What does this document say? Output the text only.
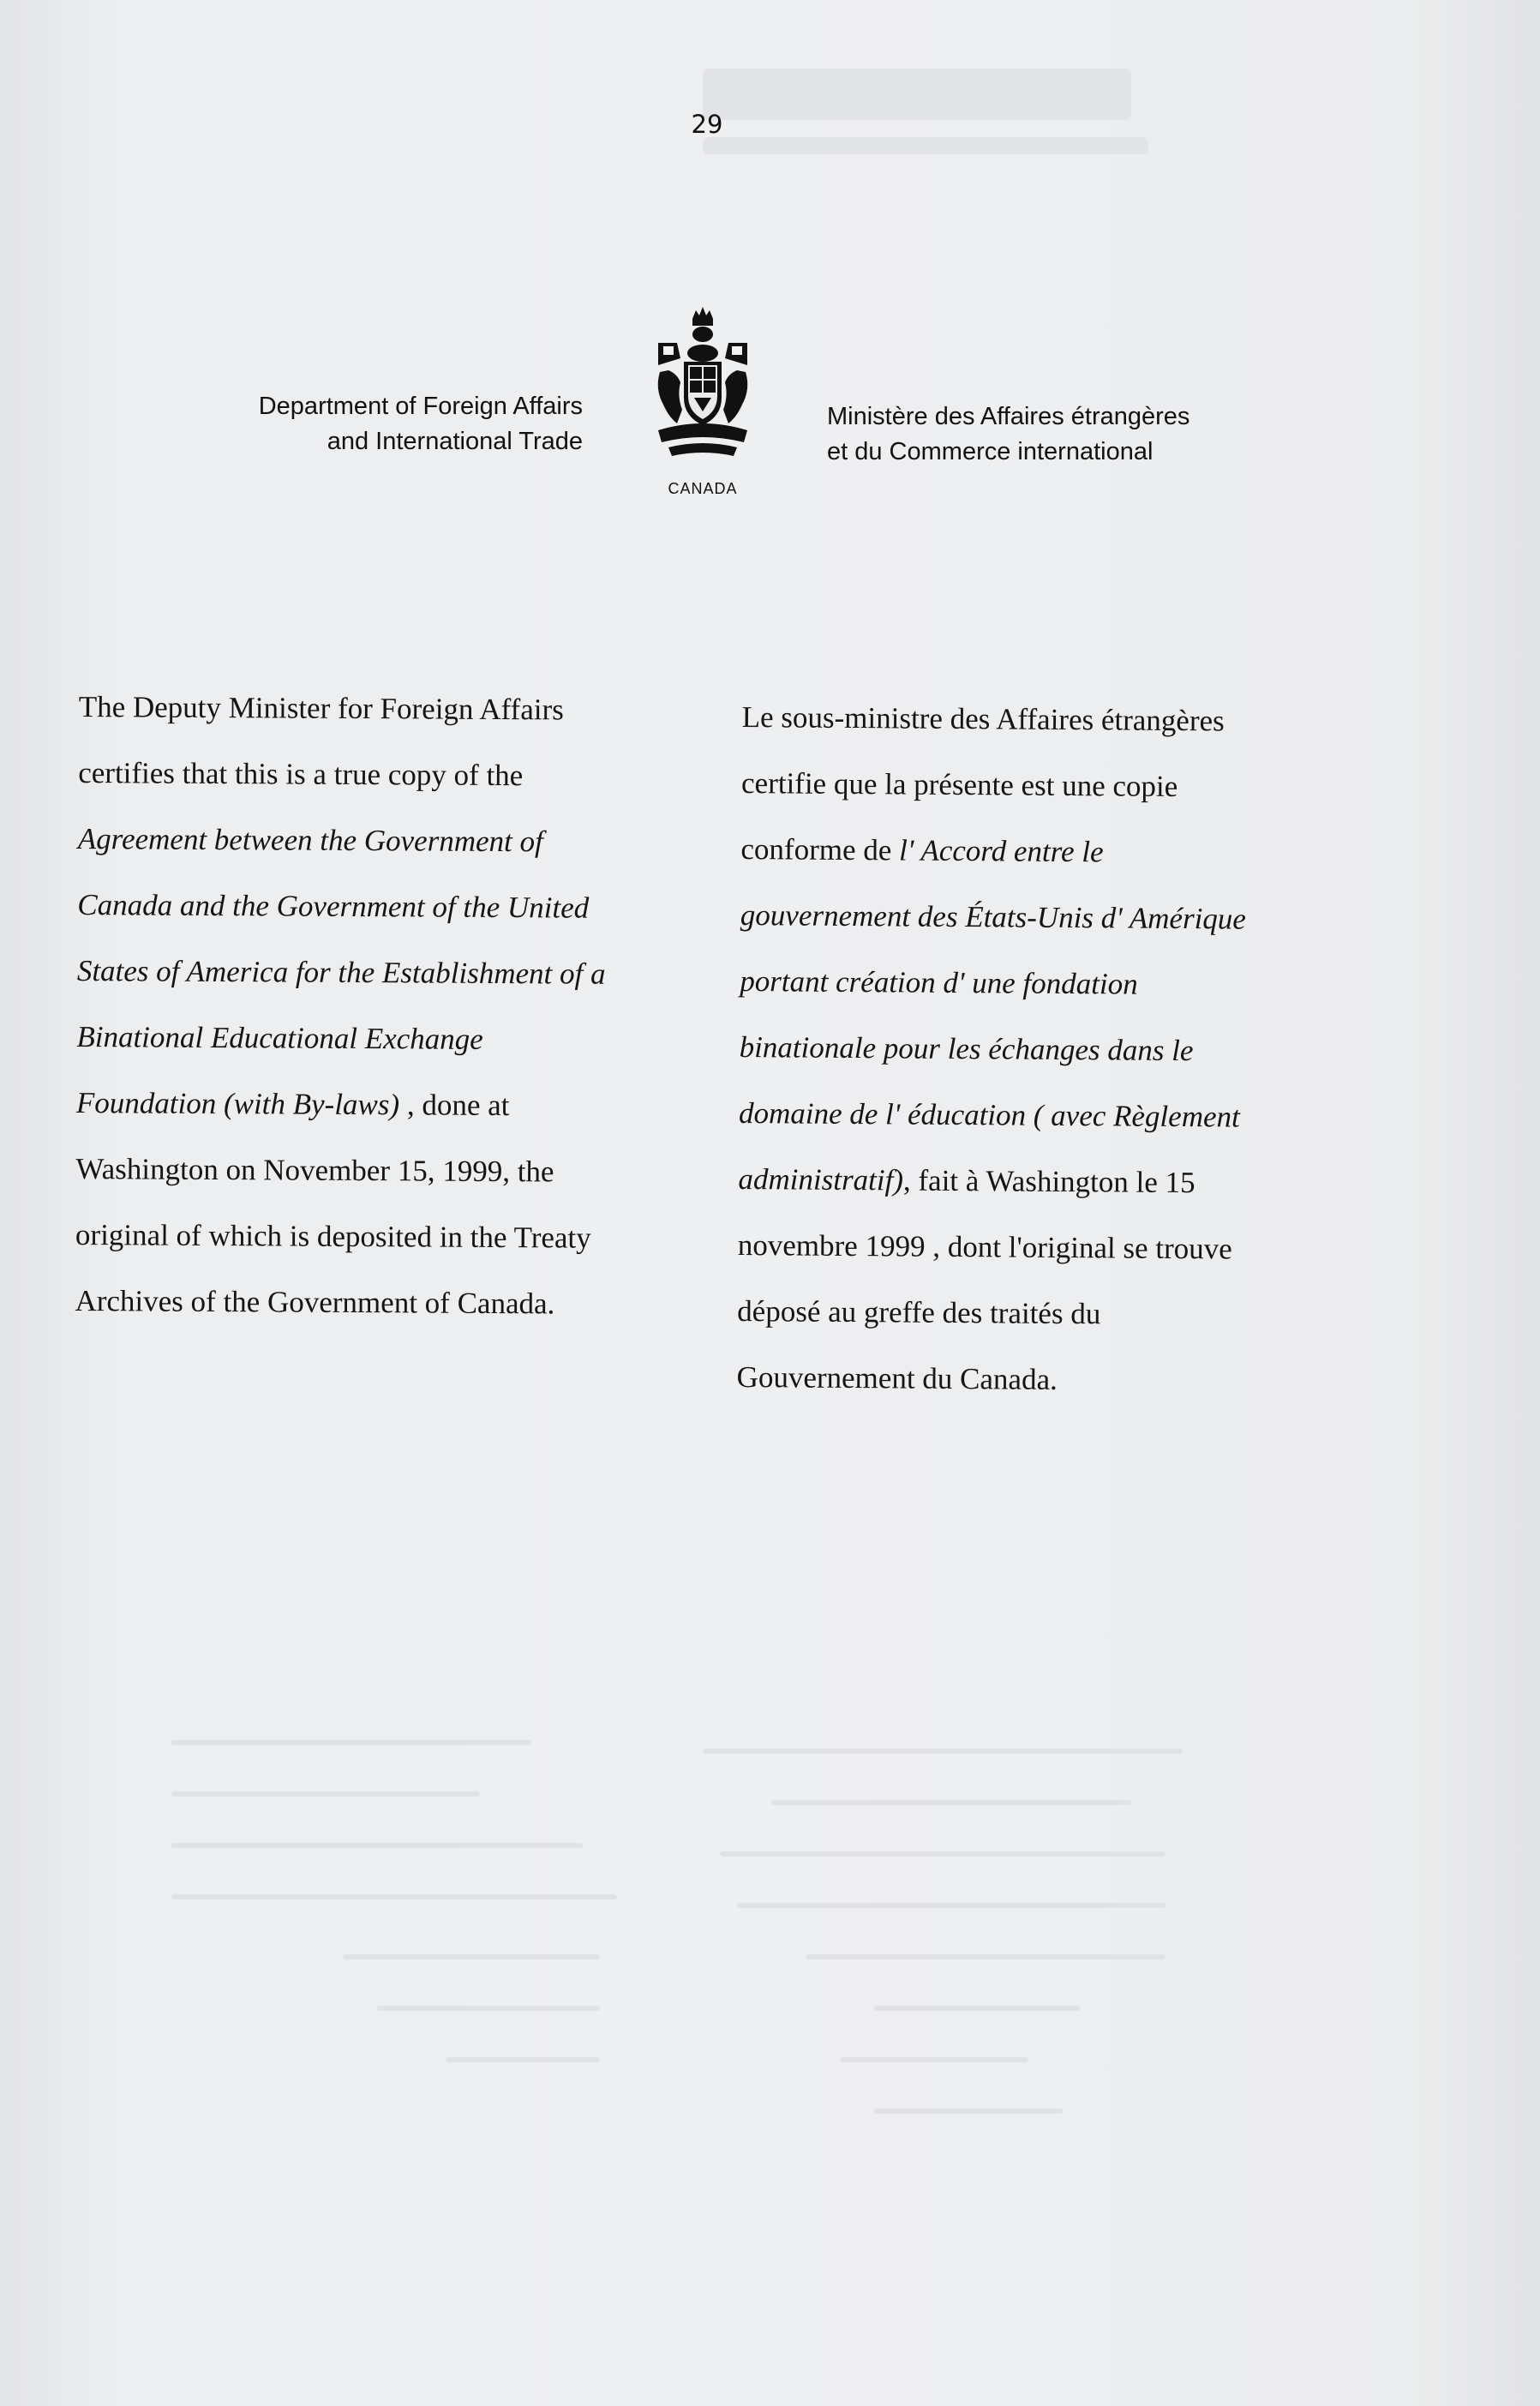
29
Department of Foreign Affairs
and International Trade
CANADA
Ministère des Affaires étrangères
et du Commerce international
The Deputy Minister for Foreign Affairs
certifies that this is a true copy of the
Agreement between the Government of
Canada and the Government of the United
States of America for the Establishment of a
Binational Educational Exchange
Foundation (with By-laws) , done at
Washington on November 15, 1999, the
original of which is deposited in the Treaty
Archives of the Government of Canada.
Le sous-ministre des Affaires étrangères
certifie que la présente est une copie
conforme de l' Accord entre le
gouvernement des États-Unis d' Amérique
portant création d' une fondation
binationale pour les échanges dans le
domaine de l' éducation ( avec Règlement
administratif), fait à Washington le 15
novembre 1999 , dont l'original se trouve
déposé au greffe des traités du
Gouvernement du Canada.
